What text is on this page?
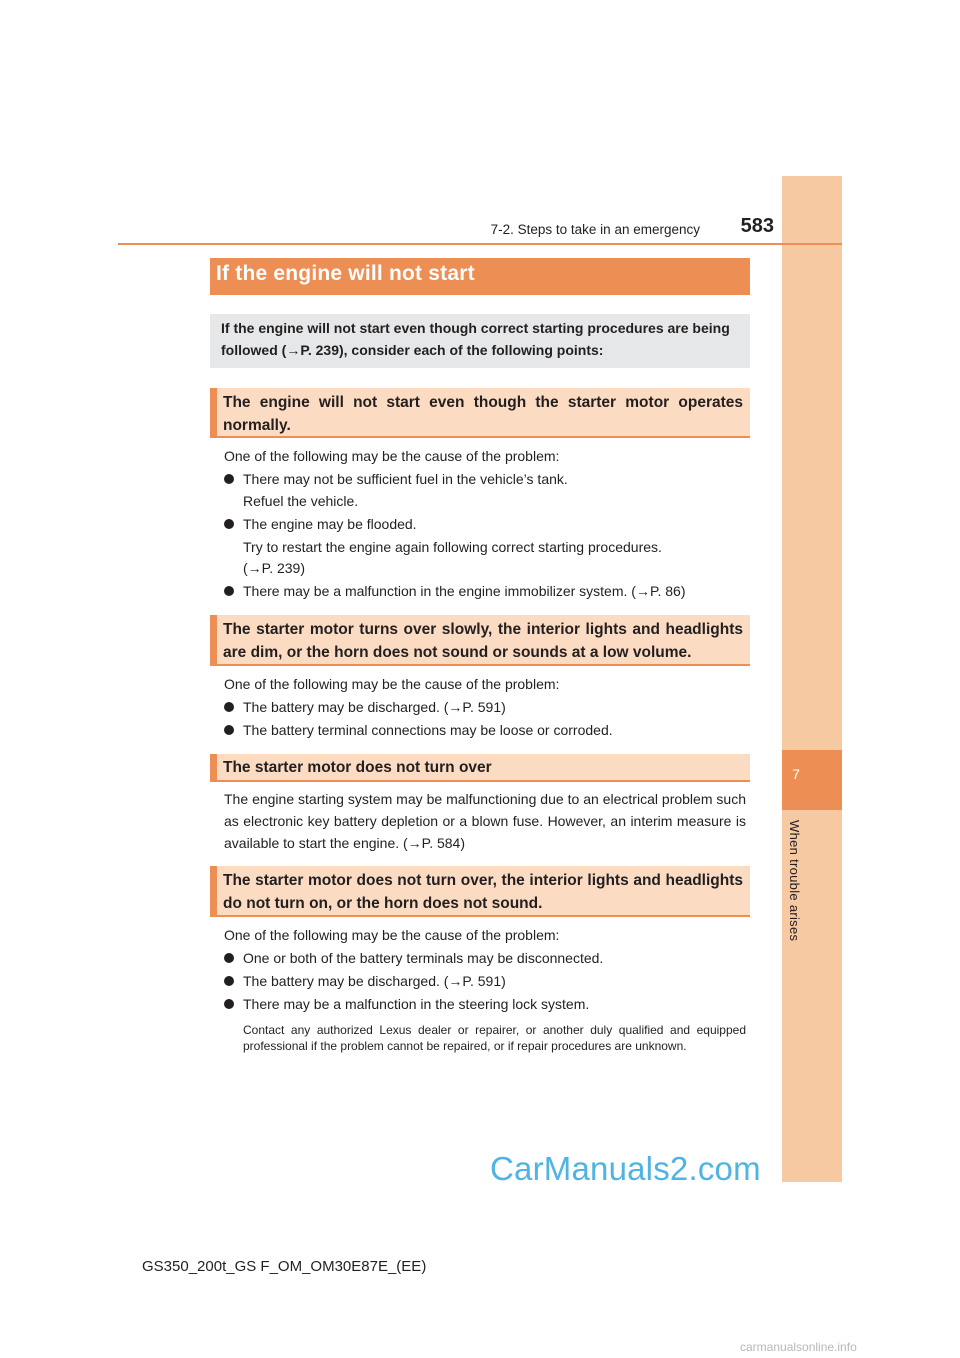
7
When trouble arises
7-2. Steps to take in an emergency	583
If the engine will not start
If the engine will not start even though correct starting procedures are being followed (→P. 239), consider each of the following points:
The engine will not start even though the starter motor operates normally.
One of the following may be the cause of the problem:
There may not be sufficient fuel in the vehicle’s tank.
Refuel the vehicle.
The engine may be flooded.
Try to restart the engine again following correct starting procedures.
(→P. 239)
There may be a malfunction in the engine immobilizer system. (→P. 86)
The starter motor turns over slowly, the interior lights and headlights are dim, or the horn does not sound or sounds at a low volume.
One of the following may be the cause of the problem:
The battery may be discharged. (→P. 591)
The battery terminal connections may be loose or corroded.
The starter motor does not turn over
The engine starting system may be malfunctioning due to an electrical problem such as electronic key battery depletion or a blown fuse. However, an interim measure is available to start the engine. (→P. 584)
The starter motor does not turn over, the interior lights and headlights do not turn on, or the horn does not sound.
One of the following may be the cause of the problem:
One or both of the battery terminals may be disconnected.
The battery may be discharged. (→P. 591)
There may be a malfunction in the steering lock system.
Contact any authorized Lexus dealer or repairer, or another duly qualified and equipped professional if the problem cannot be repaired, or if repair procedures are unknown.
CarManuals2.com
GS350_200t_GS F_OM_OM30E87E_(EE)
carmanualsonline.info
